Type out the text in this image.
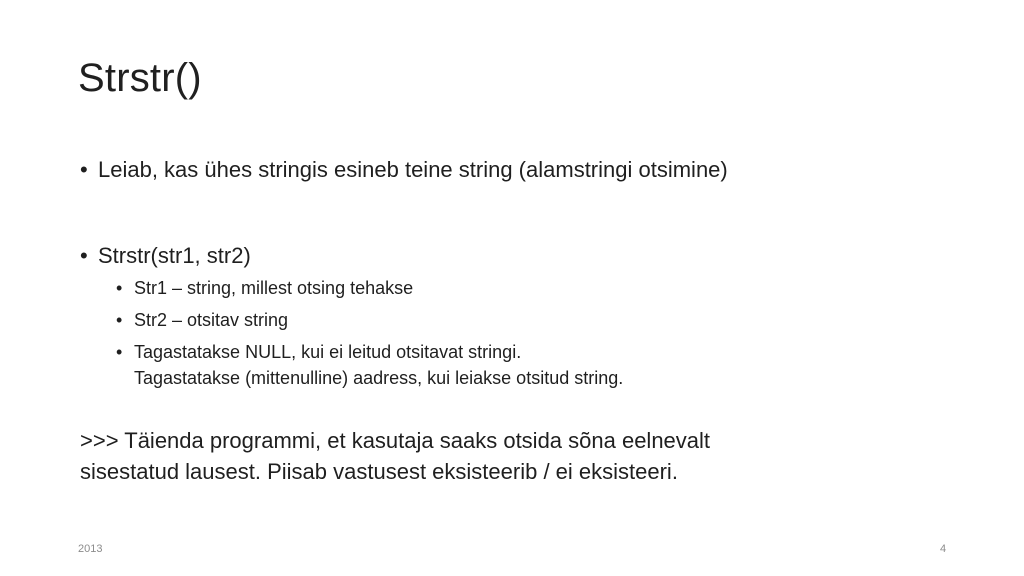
Strstr()
• Leiab, kas ühes stringis esineb teine string (alamstringi otsimine)
• Strstr(str1, str2)
• Str1 – string, millest otsing tehakse
• Str2 – otsitav string
• Tagastatakse NULL, kui ei leitud otsitavat stringi.
Tagastatakse (mittenulline) aadress, kui leiakse otsitud string.
>>> Täienda programmi, et kasutaja saaks otsida sõna eelnevalt
sisestatud lausest. Piisab vastusest eksisteerib / ei eksisteeri.
2013	4
